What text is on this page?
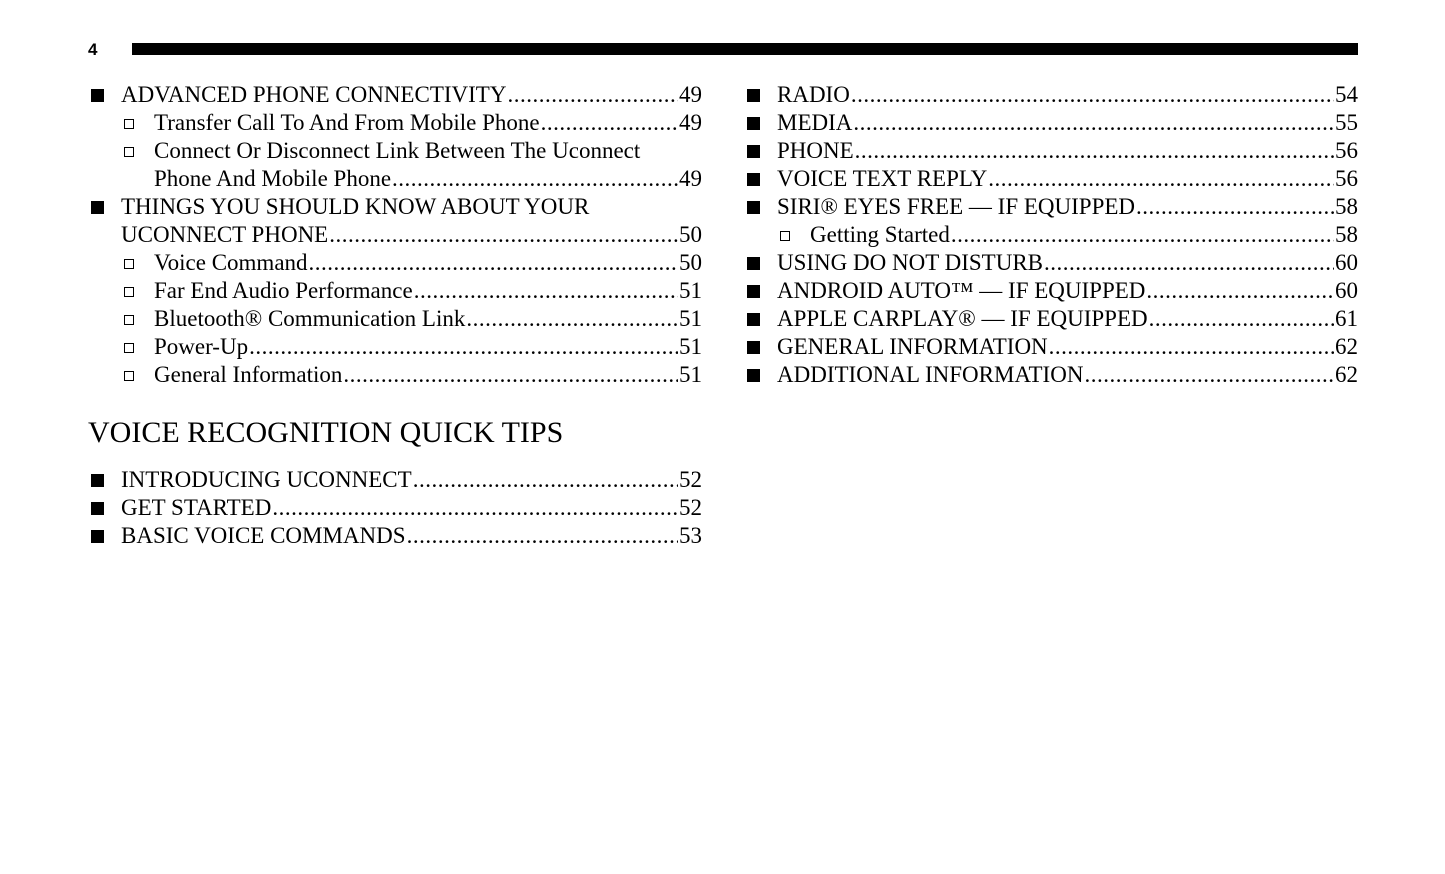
4
ADVANCED PHONE CONNECTIVITY .....	49
Transfer Call To And From Mobile Phone .....	49
Connect Or Disconnect Link Between The Uconnect
Phone And Mobile Phone .....	49
THINGS YOU SHOULD KNOW ABOUT YOUR
UCONNECT PHONE .....	50
Voice Command .....	50
Far End Audio Performance .....	51
Bluetooth® Communication Link .....	51
Power-Up .....	51
General Information .....	51
VOICE RECOGNITION QUICK TIPS
INTRODUCING UCONNECT .....	52
GET STARTED .....	52
BASIC VOICE COMMANDS .....	53
RADIO .....	54
MEDIA .....	55
PHONE .....	56
VOICE TEXT REPLY .....	56
SIRI® EYES FREE — IF EQUIPPED .....	58
Getting Started .....	58
USING DO NOT DISTURB .....	60
ANDROID AUTO™ — IF EQUIPPED .....	60
APPLE CARPLAY® — IF EQUIPPED .....	61
GENERAL INFORMATION .....	62
ADDITIONAL INFORMATION .....	62
